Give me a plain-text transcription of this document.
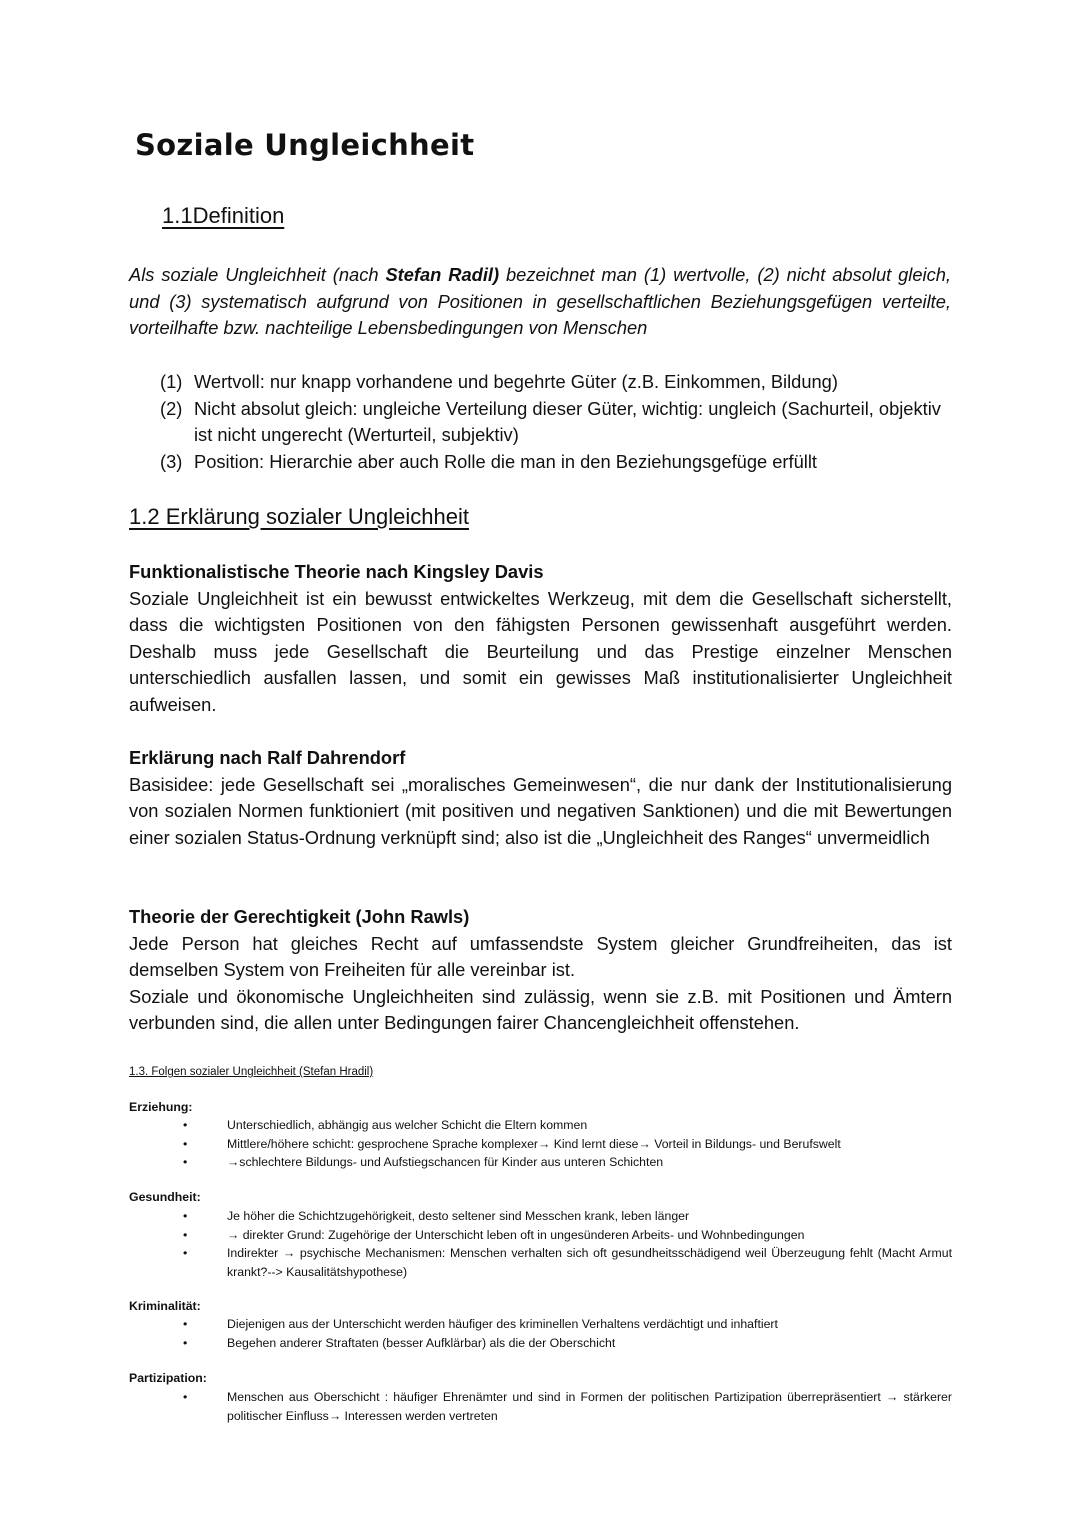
Soziale Ungleichheit
1.1Definition
Als soziale Ungleichheit (nach Stefan Radil) bezeichnet man (1) wertvolle, (2) nicht absolut gleich, und (3) systematisch aufgrund von Positionen in gesellschaftlichen Beziehungsgefügen verteilte, vorteilhafte bzw. nachteilige Lebensbedingungen von Menschen
(1) Wertvoll: nur knapp vorhandene und begehrte Güter (z.B. Einkommen, Bildung)
(2) Nicht absolut gleich: ungleiche Verteilung dieser Güter, wichtig: ungleich (Sachurteil, objektiv ist nicht ungerecht (Werturteil, subjektiv)
(3) Position: Hierarchie aber auch Rolle die man in den Beziehungsgefüge erfüllt
1.2 Erklärung sozialer Ungleichheit
Funktionalistische Theorie nach Kingsley Davis
Soziale Ungleichheit ist ein bewusst entwickeltes Werkzeug, mit dem die Gesellschaft sicherstellt, dass die wichtigsten Positionen von den fähigsten Personen gewissenhaft ausgeführt werden. Deshalb muss jede Gesellschaft die Beurteilung und das Prestige einzelner Menschen unterschiedlich ausfallen lassen, und somit ein gewisses Maß institutionalisierter Ungleichheit aufweisen.
Erklärung nach Ralf Dahrendorf
Basisidee: jede Gesellschaft sei „moralisches Gemeinwesen“, die nur dank der Institutionalisierung von sozialen Normen funktioniert (mit positiven und negativen Sanktionen) und die mit Bewertungen einer sozialen Status-Ordnung verknüpft sind; also ist die „Ungleichheit des Ranges“ unvermeidlich
Theorie der Gerechtigkeit (John Rawls)
Jede Person hat gleiches Recht auf umfassendste System gleicher Grundfreiheiten, das ist demselben System von Freiheiten für alle vereinbar ist.
Soziale und ökonomische Ungleichheiten sind zulässig, wenn sie z.B. mit Positionen und Ämtern verbunden sind, die allen unter Bedingungen fairer Chancengleichheit offenstehen.
1.3. Folgen sozialer Ungleichheit (Stefan Hradil)
Erziehung:
•	Unterschiedlich, abhängig aus welcher Schicht die Eltern kommen
•	Mittlere/höhere schicht: gesprochene Sprache komplexer→ Kind lernt diese→ Vorteil in Bildungs- und Berufswelt
•	→schlechtere Bildungs- und Aufstiegschancen für Kinder aus unteren Schichten
Gesundheit:
•	Je höher die Schichtzugehörigkeit, desto seltener sind Messchen krank, leben länger
•	→ direkter Grund: Zugehörige der Unterschicht leben oft in ungesünderen Arbeits- und Wohnbedingungen
•	Indirekter → psychische Mechanismen: Menschen verhalten sich oft gesundheitsschädigend weil Überzeugung fehlt (Macht Armut krankt?--> Kausalitätshypothese)
Kriminalität:
•	Diejenigen aus der Unterschicht werden häufiger des kriminellen Verhaltens verdächtigt und inhaftiert
•	Begehen anderer Straftaten (besser Aufklärbar) als die der Oberschicht
Partizipation:
•	Menschen aus Oberschicht : häufiger Ehrenämter und sind in Formen der politischen Partizipation überrepräsentiert → stärkerer politischer Einfluss→ Interessen werden vertreten
